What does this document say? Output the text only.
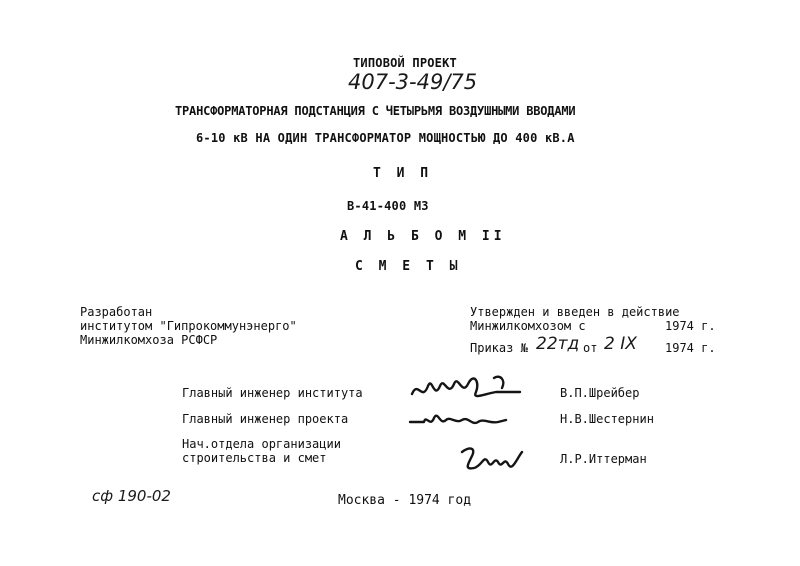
ТИПОВОЙ ПРОЕКТ
407-3-49/75
ТРАНСФОРМАТОРНАЯ ПОДСТАНЦИЯ С ЧЕТЫРЬМЯ ВОЗДУШНЫМИ ВВОДАМИ
6-10 кВ НА ОДИН ТРАНСФОРМАТОР МОЩНОСТЬЮ ДО 400 кВ.А
Т И П
В-41-400 МЗ
А Л Ь Б О М II
С М Е Т Ы
Разработан
институтом "Гипрокоммунэнерго"
Минжилкомхоза РСФСР
Утвержден и введен в действие
Минжилкомхозом с	1974 г.
Приказ № 22тд от 2 IX 1974 г.
Главный инженер института	В.П.Шрейбер
Главный инженер проекта	Н.В.Шестернин
Нач.отдела организации
строительства и смет	Л.Р.Иттерман
сф 190-02	Москва - 1974 год
